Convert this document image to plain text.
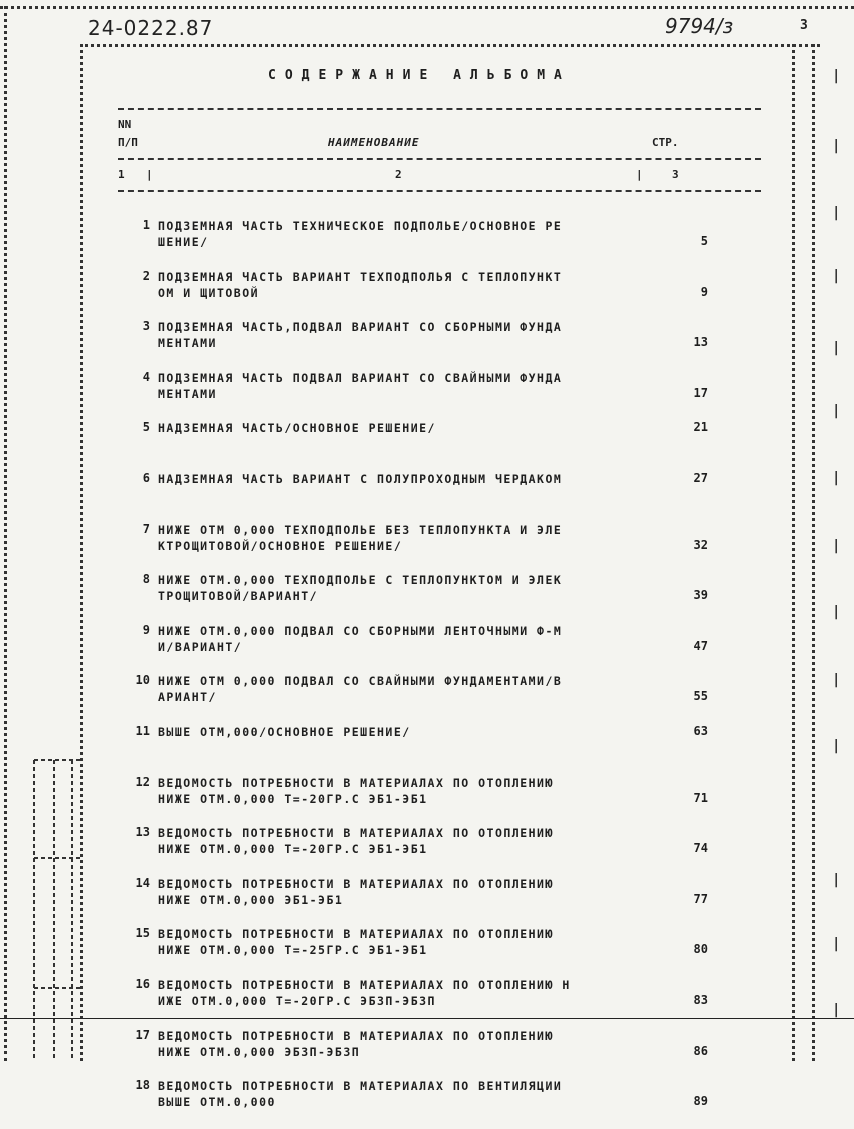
24-0222.87	9794/з	3
СОДЕРЖАНИЕ АЛЬБОМА
NN
П/П	НАИМЕНОВАНИЕ	СТР.
1 |	2	|	3
1 ПОДЗЕМНАЯ ЧАСТЬ ТЕХНИЧЕСКОЕ ПОДПОЛЬЕ/ОСНОВНОЕ РЕ
ШЕНИЕ/	5
2 ПОДЗЕМНАЯ ЧАСТЬ ВАРИАНТ ТЕХПОДПОЛЬЯ С ТЕПЛОПУНКТ
ОМ И ЩИТОВОЙ	9
3 ПОДЗЕМНАЯ ЧАСТЬ,ПОДВАЛ ВАРИАНТ СО СБОРНЫМИ ФУНДА
МЕНТАМИ	13
4 ПОДЗЕМНАЯ ЧАСТЬ ПОДВАЛ ВАРИАНТ СО СВАЙНЫМИ ФУНДА
МЕНТАМИ	17
5 НАДЗЕМНАЯ ЧАСТЬ/ОСНОВНОЕ РЕШЕНИЕ/	21
6 НАДЗЕМНАЯ ЧАСТЬ ВАРИАНТ С ПОЛУПРОХОДНЫМ ЧЕРДАКОМ	27
7 НИЖЕ ОТМ 0,000 ТЕХПОДПОЛЬЕ БЕЗ ТЕПЛОПУНКТА И ЭЛЕ
КТРОЩИТОВОЙ/ОСНОВНОЕ РЕШЕНИЕ/	32
8 НИЖЕ ОТМ.0,000 ТЕХПОДПОЛЬЕ С ТЕПЛОПУНКТОМ И ЭЛЕК
ТРОЩИТОВОЙ/ВАРИАНТ/	39
9 НИЖЕ ОТМ.0,000 ПОДВАЛ СО СБОРНЫМИ ЛЕНТОЧНЫМИ Ф-М
И/ВАРИАНТ/	47
10 НИЖЕ ОТМ 0,000 ПОДВАЛ СО СВАЙНЫМИ ФУНДАМЕНТАМИ/В
АРИАНТ/	55
11 ВЫШЕ ОТМ,000/ОСНОВНОЕ РЕШЕНИЕ/	63
12 ВЕДОМОСТЬ ПОТРЕБНОСТИ В МАТЕРИАЛАХ ПО ОТОПЛЕНИЮ
НИЖЕ ОТМ.0,000 Т=-20ГР.С ЭБ1-ЭБ1	71
13 ВЕДОМОСТЬ ПОТРЕБНОСТИ В МАТЕРИАЛАХ ПО ОТОПЛЕНИЮ
НИЖЕ ОТМ.0,000 Т=-20ГР.С ЭБ1-ЭБ1	74
14 ВЕДОМОСТЬ ПОТРЕБНОСТИ В МАТЕРИАЛАХ ПО ОТОПЛЕНИЮ
НИЖЕ ОТМ.0,000 ЭБ1-ЭБ1	77
15 ВЕДОМОСТЬ ПОТРЕБНОСТИ В МАТЕРИАЛАХ ПО ОТОПЛЕНИЮ
НИЖЕ ОТМ.0,000 Т=-25ГР.С ЭБ1-ЭБ1	80
16 ВЕДОМОСТЬ ПОТРЕБНОСТИ В МАТЕРИАЛАХ ПО ОТОПЛЕНИЮ Н
ИЖЕ ОТМ.0,000 Т=-20ГР.С ЭБ3П-ЭБ3П	83
17 ВЕДОМОСТЬ ПОТРЕБНОСТИ В МАТЕРИАЛАХ ПО ОТОПЛЕНИЮ
НИЖЕ ОТМ.0,000 ЭБ3П-ЭБ3П	86
18 ВЕДОМОСТЬ ПОТРЕБНОСТИ В МАТЕРИАЛАХ ПО ВЕНТИЛЯЦИИ
ВЫШЕ ОТМ.0,000	89
|
|
|
|
|
|
|
|
|
|
|
|
|
|
